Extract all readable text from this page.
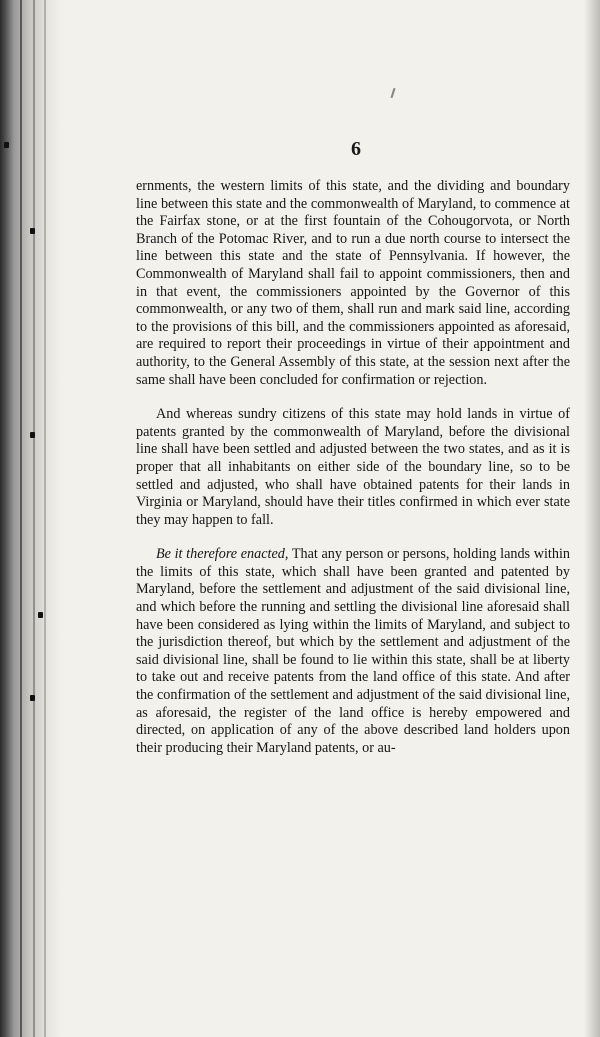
6

ernments, the western limits of this state, and the dividing and boundary line between this state and the commonwealth of Maryland, to commence at the Fairfax stone, or at the first fountain of the Cohougorvota, or North Branch of the Potomac River, and to run a due north course to intersect the line between this state and the state of Pennsylvania. If however, the Commonwealth of Maryland shall fail to appoint commissioners, then and in that event, the commissioners appointed by the Governor of this commonwealth, or any two of them, shall run and mark said line, according to the provisions of this bill, and the commissioners appointed as aforesaid, are required to report their proceedings in virtue of their appointment and authority, to the General Assembly of this state, at the session next after the same shall have been concluded for confirmation or rejection.

And whereas sundry citizens of this state may hold lands in virtue of patents granted by the commonwealth of Maryland, before the divisional line shall have been settled and adjusted between the two states, and as it is proper that all inhabitants on either side of the boundary line, so to be settled and adjusted, who shall have obtained patents for their lands in Virginia or Maryland, should have their titles confirmed in which ever state they may happen to fall.

Be it therefore enacted, That any person or persons, holding lands within the limits of this state, which shall have been granted and patented by Maryland, before the settlement and adjustment of the said divisional line, and which before the running and settling the divisional line aforesaid shall have been considered as lying within the limits of Maryland, and subject to the jurisdiction thereof, but which by the settlement and adjustment of the said divisional line, shall be found to lie within this state, shall be at liberty to take out and receive patents from the land office of this state. And after the confirmation of the settlement and adjustment of the said divisional line, as aforesaid, the register of the land office is hereby empowered and directed, on application of any of the above described land holders upon their producing their Maryland patents, or au-
